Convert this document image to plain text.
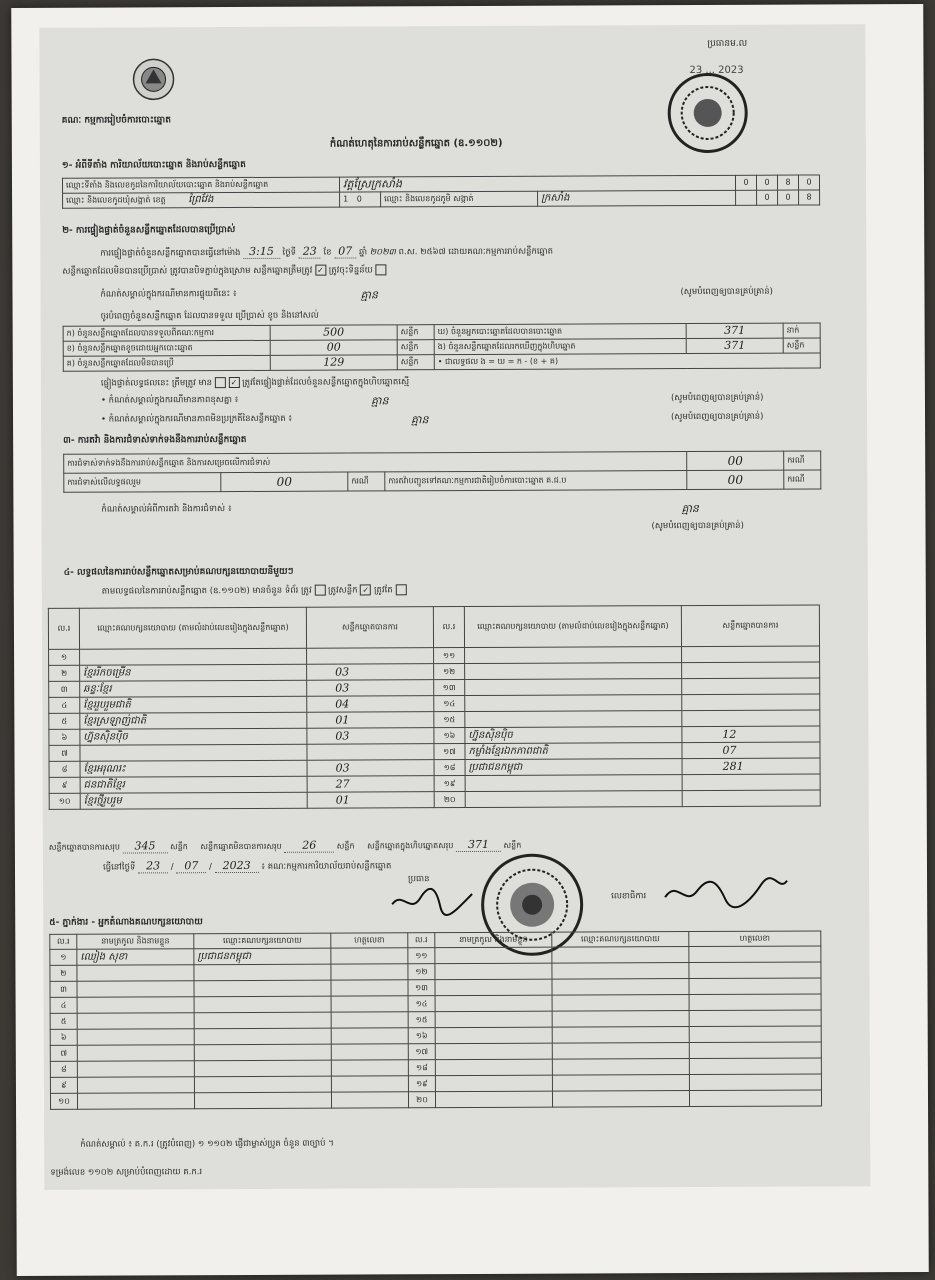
គណៈ កម្មការរៀបចំការបោះឆ្នោត
ប្រធានម.ល
23 ... 2023
កំណត់ហេតុនៃការរាប់សន្លឹកឆ្នោត (ឧ.១១០២)
១- អំពីទីតាំង ការិយាល័យបោះឆ្នោត និងរាប់សន្លឹកឆ្នោត
ឈ្មោះទីតាំង និងលេខកូដនៃការិយាល័យបោះឆ្នោត និងរាប់សន្លឹកឆ្នោត	វត្តស្រែក្រសាំង			0	0	8	0
ឈ្មោះ និងលេខកូដឃុំសង្កាត់ ខេត្ត ព្រៃវែង	1 0	ឈ្មោះ និងលេខកូដភូមិ សង្កាត់	ក្រសាំង		0	0	8
២- ការផ្ទៀងផ្ទាត់ចំនួនសន្លឹកឆ្នោតដែលបានប្រើប្រាស់
ការផ្ទៀងផ្ទាត់ចំនួនសន្លឹកឆ្នោតបានធ្វើនៅម៉ោង 3:15 ថ្ងៃទី 23 ខែ 07 ឆ្នាំ ២០២៣ ព.ស. ២៥៦៧ ដោយគណៈកម្មការរាប់សន្លឹកឆ្នោត
សន្លឹកឆ្នោតដែលមិនបានប្រើប្រាស់ ត្រូវបានបិទភ្ជាប់ក្នុងស្រោម សន្លឹកឆ្នោតត្រឹមត្រូវ ✓ ត្រូវចុះទិន្នន័យ
កំណត់សម្គាល់ក្នុងករណីមានការផ្ទុយពីនេះ ៖	គ្មាន	(សូមបំពេញឲ្យបានគ្រប់គ្រាន់)
ចូរបំពេញចំនួនសន្លឹកឆ្នោត ដែលបានទទួល ប្រើប្រាស់ ខូច និងនៅសល់
ក) ចំនួនសន្លឹកឆ្នោតដែលបានទទួលពីគណៈកម្មការ	500	សន្លឹក	ឃ) ចំនួនអ្នកបោះឆ្នោតដែលបានបោះឆ្នោត	371	នាក់
ខ) ចំនួនសន្លឹកឆ្នោតខូចដោយអ្នកបោះឆ្នោត	00	សន្លឹក	ង) ចំនួនសន្លឹកឆ្នោតដែលរកឃើញក្នុងហិបឆ្នោត	371	សន្លឹក
គ) ចំនួនសន្លឹកឆ្នោតដែលមិនបានប្រើ	129	សន្លឹក	• ជាលទ្ធផល ង = ឃ = ក - (ខ + គ)		
ផ្ទៀងផ្ទាត់លទ្ធផលនេះ ត្រឹមត្រូវ មាន ✓ ត្រូវតែផ្ទៀងផ្ទាត់ដែលចំនួនសន្លឹកឆ្នោតក្នុងហិបឆ្នោតស្មើ
• កំណត់សម្គាល់ក្នុងករណីមានភាពខុសគ្នា ៖	គ្មាន	(សូមបំពេញឲ្យបានគ្រប់គ្រាន់)
• កំណត់សម្គាល់ក្នុងករណីមានភាពមិនប្រក្រតីនៃសន្លឹកឆ្នោត ៖	គ្មាន	(សូមបំពេញឲ្យបានគ្រប់គ្រាន់)
៣- ការតវ៉ា និងការជំទាស់ទាក់ទងនឹងការរាប់សន្លឹកឆ្នោត
ការជំទាស់ទាក់ទងនឹងការរាប់សន្លឹកឆ្នោត និងការសម្រេចលើការជំទាស់				00	ករណី
ការជំទាស់លើលទ្ធផលរួម	00	ករណី	ការតវ៉ាបញ្ជូនទៅគណៈកម្មការជាតិរៀបចំការបោះឆ្នោត គ.ជ.ប	00	ករណី
កំណត់សម្គាល់អំពីការតវ៉ា និងការជំទាស់ ៖	គ្មាន
(សូមបំពេញឲ្យបានគ្រប់គ្រាន់)
៤- លទ្ធផលនៃការរាប់សន្លឹកឆ្នោតសម្រាប់គណបក្សនយោបាយនីមួយៗ
តាមលទ្ធផលនៃការរាប់សន្លឹកឆ្នោត (ឧ.១១០២) មានចំនួន ទំព័រ ត្រូវ ត្រូវសន្លឹក ✓ ត្រូវតែ
ល.រ	ឈ្មោះគណបក្សនយោបាយ (តាមលំដាប់លេខរៀងក្នុងសន្លឹកឆ្នោត)	សន្លឹកឆ្នោតបានការ	ល.រ	ឈ្មោះគណបក្សនយោបាយ (តាមលំដាប់លេខរៀងក្នុងសន្លឹកឆ្នោត)	សន្លឹកឆ្នោតបានការ
១			១១		
២	ខ្មែររីកចម្រើន	03	១២		
៣	ឆន្ទៈខ្មែរ	03	១៣		
៤	ខ្មែររួបរួមជាតិ	04	១៤		
៥	ខ្មែរស្រឡាញ់ជាតិ	01	១៥		
៦	ហ្វ៊ុនស៊ិនប៉ិច	03	១៦	ហ្វ៊ុនស៊ិនប៉ិច	12
៧			១៧	កម្លាំងខ្មែរឯកភាពជាតិ	07
៨	ខ្មែរអរុណរះ	03	១៨	ប្រជាជនកម្ពុជា	281
៩	ជនជាតិខ្មែរ	27	១៩		
១០	ខ្មែរថ្មីរួបរួម	01	២០		
សន្លឹកឆ្នោតបានការសរុប 345 សន្លឹក សន្លឹកឆ្នោតមិនបានការសរុប 26	សន្លឹក សន្លឹកឆ្នោតក្នុងហិបឆ្នោតសរុប 371 សន្លឹក
ធ្វើនៅថ្ងៃទី 23 / 07 / 2023 ៖ គណៈកម្មការការិយាល័យរាប់សន្លឹកឆ្នោត
ប្រធាន
លេខាធិការ
៥- ភ្នាក់ងារ - អ្នកតំណាងគណបក្សនយោបាយ
ល.រ	នាមត្រកូល និងនាមខ្លួន	ឈ្មោះគណបក្សនយោបាយ	ហត្ថលេខា	ល.រ	នាមត្រកូល និងនាមខ្លួន	ឈ្មោះគណបក្សនយោបាយ	ហត្ថលេខា
១	ឈៀង សុខា	ប្រជាជនកម្ពុជា		១១			
២				១២			
៣				១៣			
៤				១៤			
៥				១៥			
៦				១៦			
៧				១៧			
៨				១៨			
៩				១៩			
១០				២០			
កំណត់សម្គាល់ ៖ គ.ក.រ (ត្រូវបំពេញ) ១ ១១០២ ផ្ញើជាម្ចាស់ប្រូត ចំនួន ៣ច្បាប់ ។
ទម្រង់លេខ ១១០២ សម្រាប់បំពេញដោយ គ.ក.រ
